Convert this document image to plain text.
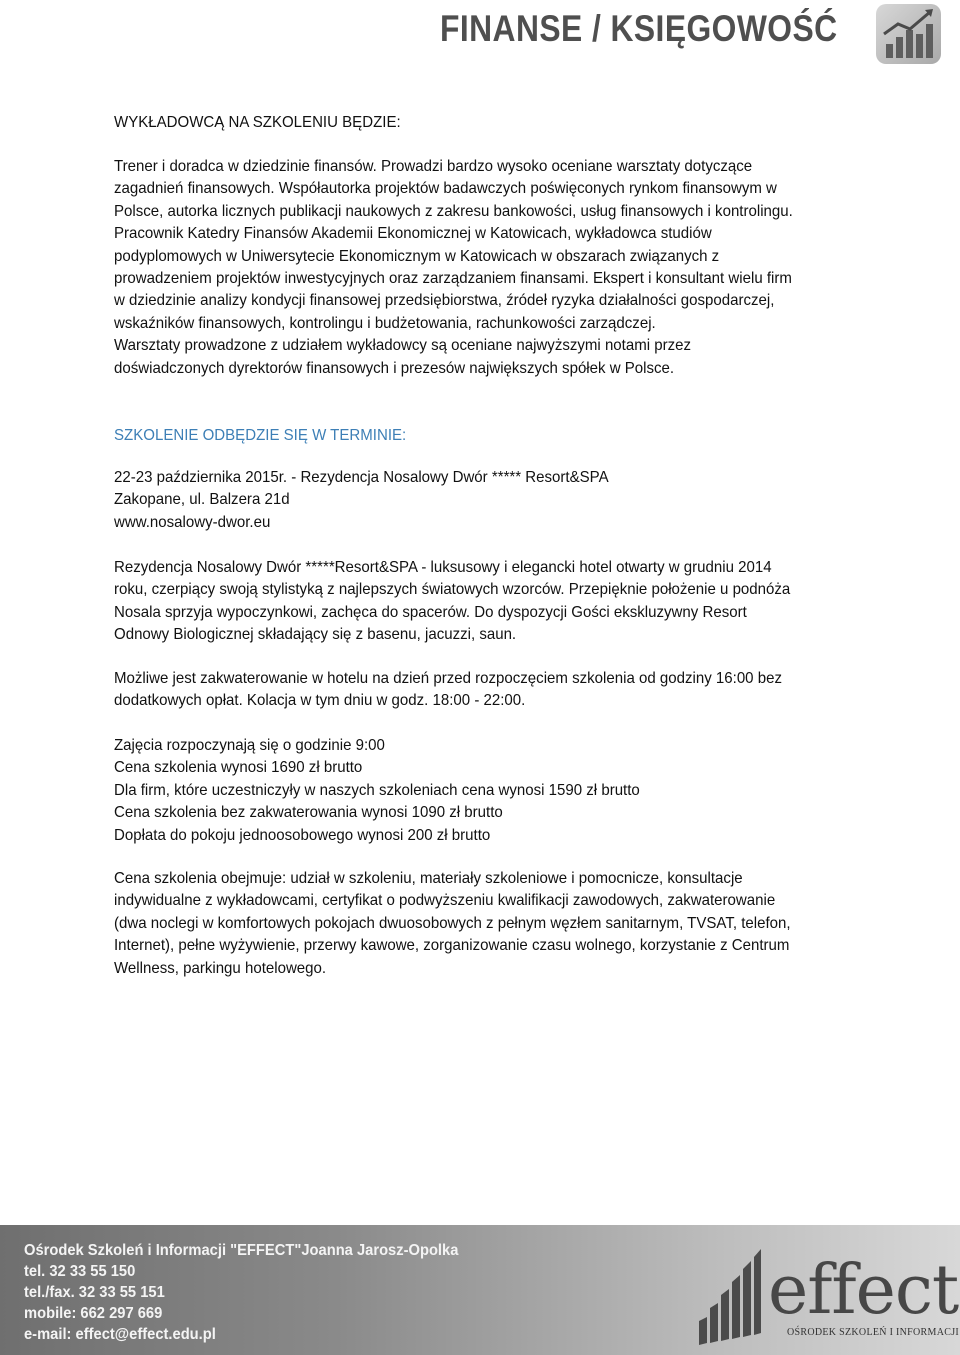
FINANSE / KSIĘGOWOŚĆ
WYKŁADOWCĄ NA SZKOLENIU BĘDZIE:
Trener i doradca w dziedzinie finansów. Prowadzi bardzo wysoko oceniane warsztaty dotyczące zagadnień finansowych. Współautorka projektów badawczych poświęconych rynkom finansowym w Polsce, autorka licznych publikacji naukowych z zakresu bankowości, usług finansowych i kontrolingu. Pracownik Katedry Finansów Akademii Ekonomicznej w Katowicach, wykładowca studiów podyplomowych w Uniwersytecie Ekonomicznym w Katowicach w obszarach związanych z prowadzeniem projektów inwestycyjnych oraz zarządzaniem finansami. Ekspert i konsultant wielu firm w dziedzinie analizy kondycji finansowej przedsiębiorstwa, źródeł ryzyka działalności gospodarczej, wskaźników finansowych, kontrolingu i budżetowania, rachunkowości zarządczej.
Warsztaty prowadzone z udziałem wykładowcy są oceniane najwyższymi notami przez doświadczonych dyrektorów finansowych i prezesów największych spółek w Polsce.
SZKOLENIE ODBĘDZIE SIĘ W TERMINIE:
22-23 października 2015r. - Rezydencja Nosalowy Dwór ***** Resort&SPA
Zakopane, ul. Balzera 21d
www.nosalowy-dwor.eu
Rezydencja Nosalowy Dwór *****Resort&SPA - luksusowy i elegancki hotel otwarty w grudniu 2014 roku, czerpiący swoją stylistyką z najlepszych światowych wzorców. Przepięknie położenie u podnóża Nosala sprzyja wypoczynkowi, zachęca do spacerów. Do dyspozycji Gości ekskluzywny Resort Odnowy Biologicznej składający się z basenu, jacuzzi, saun.
Możliwe jest zakwaterowanie w hotelu na dzień przed rozpoczęciem szkolenia od godziny 16:00 bez dodatkowych opłat. Kolacja w tym dniu w godz. 18:00 - 22:00.
Zajęcia rozpoczynają się o godzinie 9:00
Cena szkolenia wynosi 1690 zł brutto
Dla firm, które uczestniczyły w naszych szkoleniach cena wynosi 1590 zł brutto
Cena szkolenia bez zakwaterowania wynosi 1090 zł brutto
Dopłata do pokoju jednoosobowego wynosi 200 zł brutto
Cena szkolenia obejmuje: udział w szkoleniu, materiały szkoleniowe i pomocnicze, konsultacje indywidualne z wykładowcami, certyfikat o podwyższeniu kwalifikacji zawodowych, zakwaterowanie (dwa noclegi w komfortowych pokojach dwuosobowych z pełnym węzłem sanitarnym, TVSAT, telefon, Internet), pełne wyżywienie, przerwy kawowe, zorganizowanie czasu wolnego, korzystanie z Centrum Wellness, parkingu hotelowego.
Ośrodek Szkoleń i Informacji "EFFECT"Joanna Jarosz-Opolka
tel. 32 33 55 150
tel./fax. 32 33 55 151
mobile: 662 297 669
e-mail: effect@effect.edu.pl
effect
OŚRODEK SZKOLEŃ I INFORMACJI
